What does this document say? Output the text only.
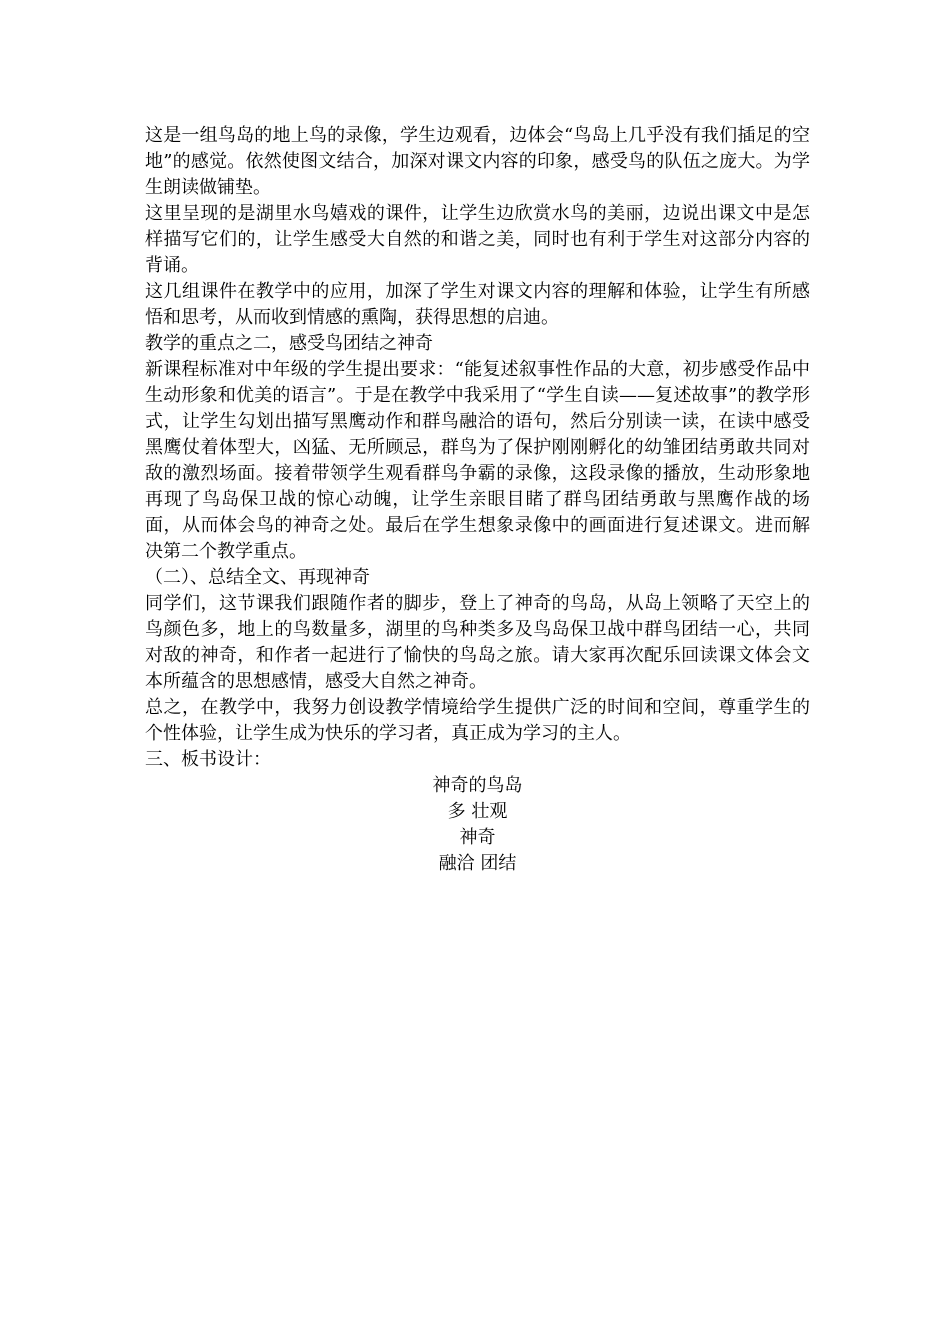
这是一组鸟岛的地上鸟的录像，学生边观看，边体会“鸟岛上几乎没有我们插足的空地”的感觉。依然使图文结合，加深对课文内容的印象，感受鸟的队伍之庞大。为学生朗读做铺垫。

这里呈现的是湖里水鸟嬉戏的课件，让学生边欣赏水鸟的美丽，边说出课文中是怎样描写它们的，让学生感受大自然的和谐之美，同时也有利于学生对这部分内容的背诵。

这几组课件在教学中的应用，加深了学生对课文内容的理解和体验，让学生有所感悟和思考，从而收到情感的熏陶，获得思想的启迪。

教学的重点之二，感受鸟团结之神奇

新课程标准对中年级的学生提出要求：“能复述叙事性作品的大意，初步感受作品中生动形象和优美的语言”。于是在教学中我采用了“学生自读——复述故事”的教学形式，让学生勾划出描写黑鹰动作和群鸟融洽的语句，然后分别读一读，在读中感受黑鹰仗着体型大，凶猛、无所顾忌，群鸟为了保护刚刚孵化的幼雏团结勇敢共同对敌的激烈场面。接着带领学生观看群鸟争霸的录像，这段录像的播放，生动形象地再现了鸟岛保卫战的惊心动魄，让学生亲眼目睹了群鸟团结勇敢与黑鹰作战的场面，从而体会鸟的神奇之处。最后在学生想象录像中的画面进行复述课文。进而解决第二个教学重点。

（二）、总结全文、再现神奇

同学们，这节课我们跟随作者的脚步，登上了神奇的鸟岛，从岛上领略了天空上的鸟颜色多，地上的鸟数量多，湖里的鸟种类多及鸟岛保卫战中群鸟团结一心，共同对敌的神奇，和作者一起进行了愉快的鸟岛之旅。请大家再次配乐回读课文体会文本所蕴含的思想感情，感受大自然之神奇。

总之，在教学中，我努力创设教学情境给学生提供广泛的时间和空间，尊重学生的个性体验，让学生成为快乐的学习者，真正成为学习的主人。

三、板书设计：

神奇的鸟岛
多 壮观
神奇
融洽 团结
